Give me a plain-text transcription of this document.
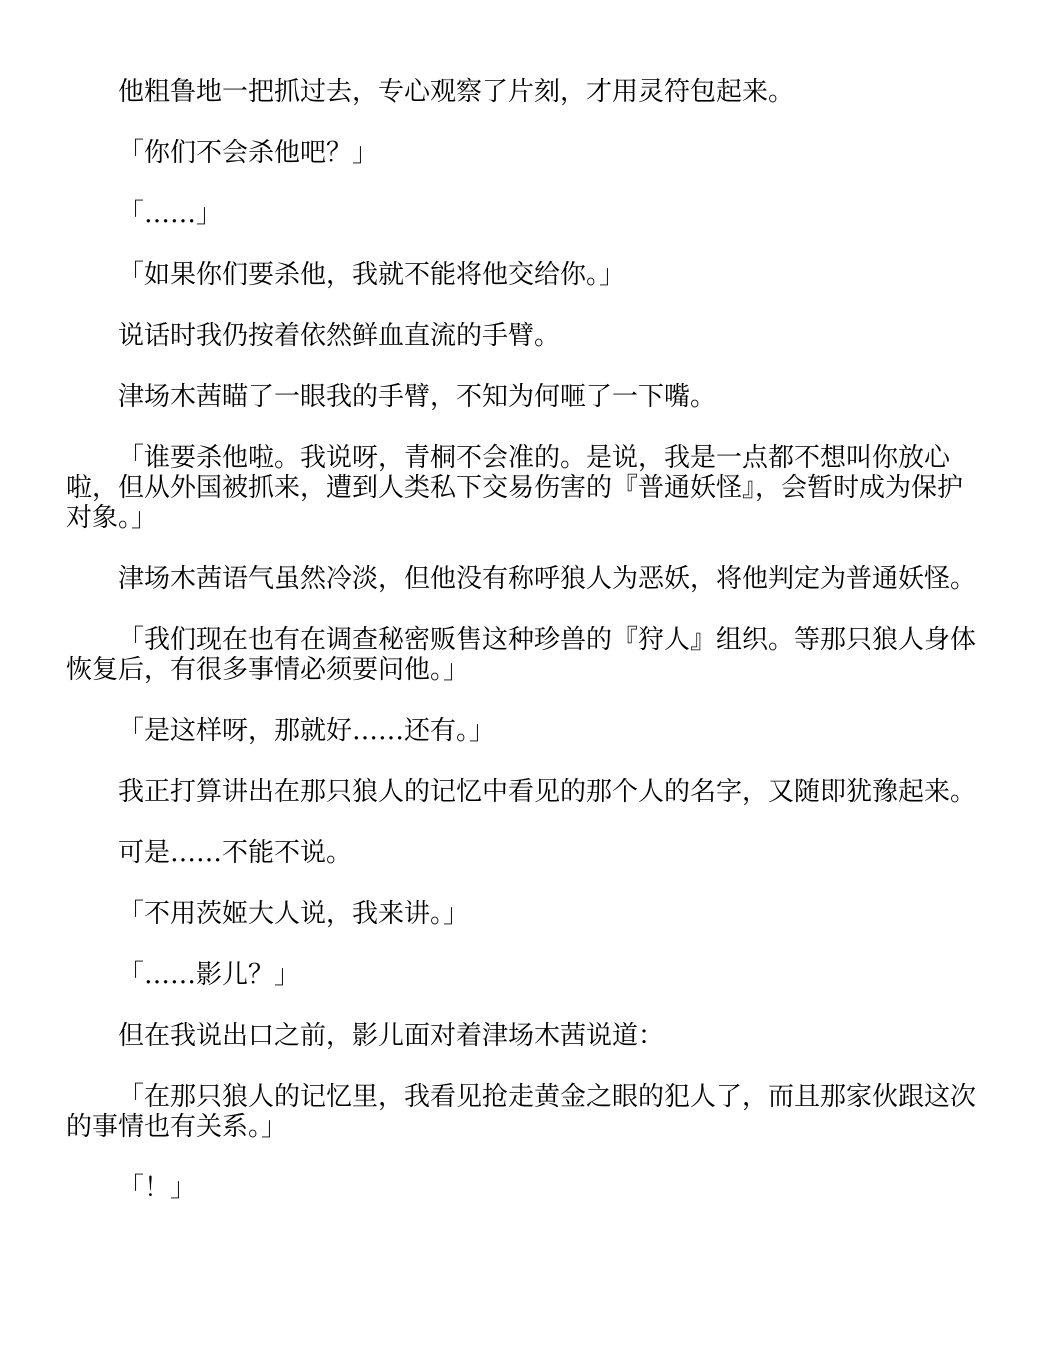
他粗鲁地一把抓过去，专心观察了片刻，才用灵符包起来。

「你们不会杀他吧？」

「……」

「如果你们要杀他，我就不能将他交给你。」

说话时我仍按着依然鲜血直流的手臂。

津场木茜瞄了一眼我的手臂，不知为何咂了一下嘴。

「谁要杀他啦。我说呀，青桐不会准的。是说，我是一点都不想叫你放心啦，但从外国被抓来，遭到人类私下交易伤害的『普通妖怪』，会暂时成为保护对象。」

津场木茜语气虽然冷淡，但他没有称呼狼人为恶妖，将他判定为普通妖怪。

「我们现在也有在调查秘密贩售这种珍兽的『狩人』组织。等那只狼人身体恢复后，有很多事情必须要问他。」

「是这样呀，那就好……还有。」

我正打算讲出在那只狼人的记忆中看见的那个人的名字，又随即犹豫起来。

可是……不能不说。

「不用茨姬大人说，我来讲。」

「……影儿？」

但在我说出口之前，影儿面对着津场木茜说道：

「在那只狼人的记忆里，我看见抢走黄金之眼的犯人了，而且那家伙跟这次的事情也有关系。」

「！」
